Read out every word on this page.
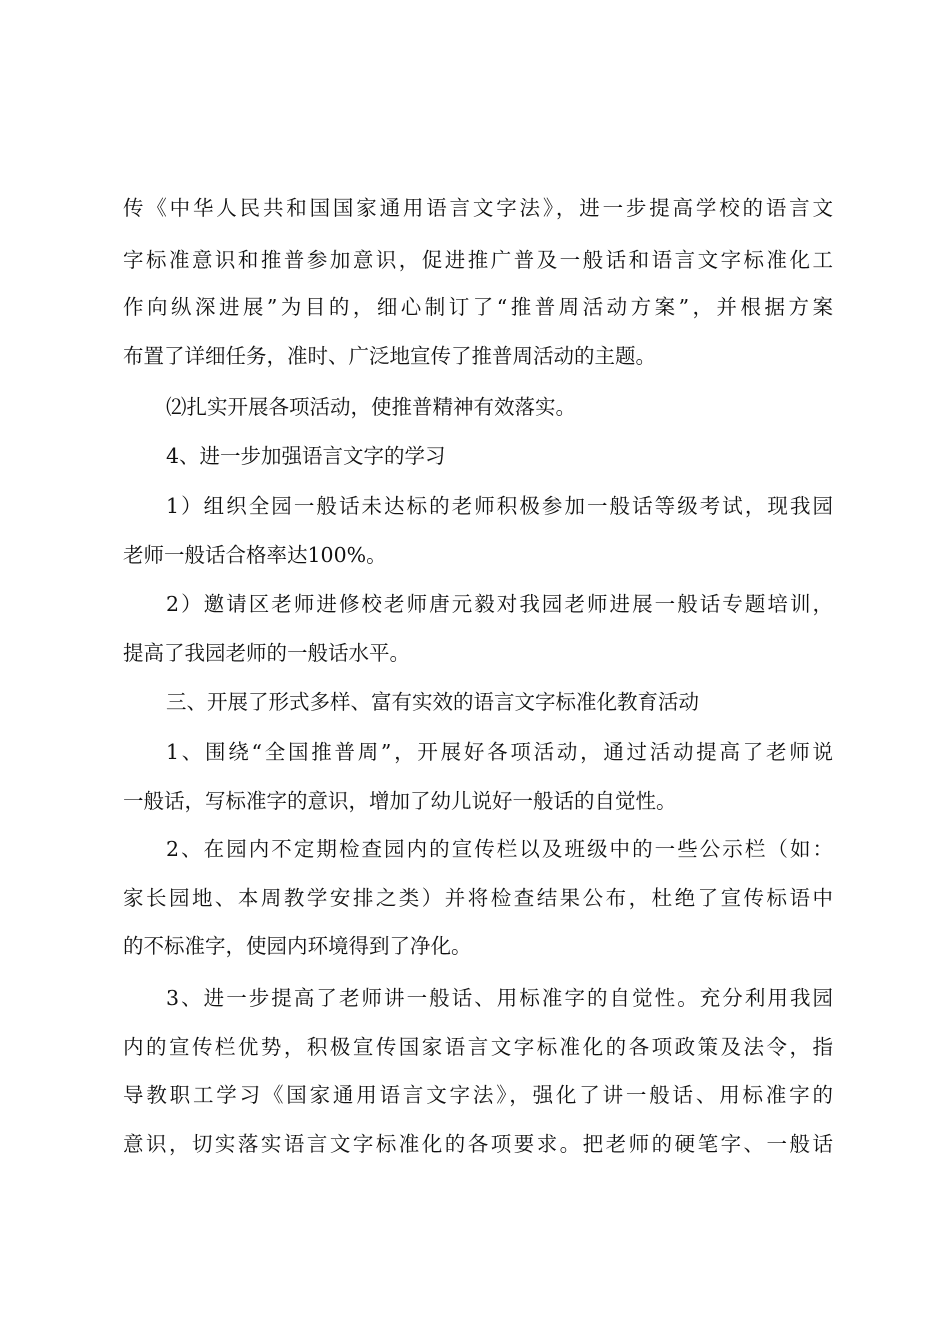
传《中华人民共和国国家通用语言文字法》，进一步提高学校的语言文
字标准意识和推普参加意识，促进推广普及一般话和语言文字标准化工
作向纵深进展”为目的，细心制订了“推普周活动方案”，并根据方案
布置了详细任务，准时、广泛地宣传了推普周活动的主题。
⑵扎实开展各项活动，使推普精神有效落实。
4、进一步加强语言文字的学习
1）组织全园一般话未达标的老师积极参加一般话等级考试，现我园
老师一般话合格率达100%。
2）邀请区老师进修校老师唐元毅对我园老师进展一般话专题培训，
提高了我园老师的一般话水平。
三、开展了形式多样、富有实效的语言文字标准化教育活动
1、围绕“全国推普周”，开展好各项活动，通过活动提高了老师说
一般话，写标准字的意识，增加了幼儿说好一般话的自觉性。
2、在园内不定期检查园内的宣传栏以及班级中的一些公示栏（如：
家长园地、本周教学安排之类）并将检查结果公布，杜绝了宣传标语中
的不标准字，使园内环境得到了净化。
3、进一步提高了老师讲一般话、用标准字的自觉性。充分利用我园
内的宣传栏优势，积极宣传国家语言文字标准化的各项政策及法令，指
导教职工学习《国家通用语言文字法》，强化了讲一般话、用标准字的
意识，切实落实语言文字标准化的各项要求。把老师的硬笔字、一般话
